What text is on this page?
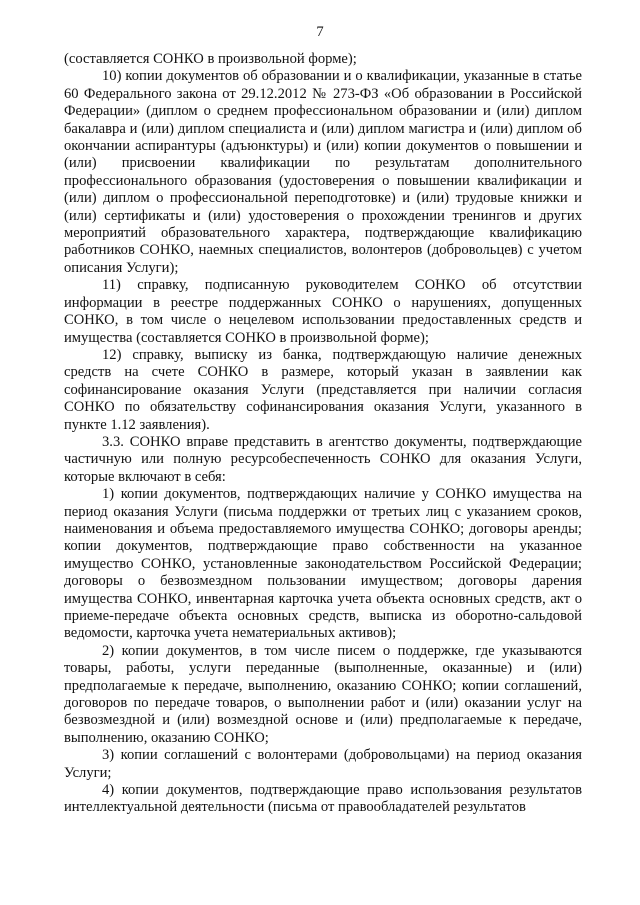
7

(составляется СОНКО в произвольной форме);

10) копии документов об образовании и о квалификации, указанные в статье 60 Федерального закона от 29.12.2012 № 273-ФЗ «Об образовании в Российской Федерации» (диплом о среднем профессиональном образовании и (или) диплом бакалавра и (или) диплом специалиста и (или) диплом магистра и (или) диплом об окончании аспирантуры (адъюнктуры) и (или) копии документов о повышении и (или) присвоении квалификации по результатам дополнительного профессионального образования (удостоверения о повышении квалификации и (или) диплом о профессиональной переподготовке) и (или) трудовые книжки и (или) сертификаты и (или) удостоверения о прохождении тренингов и других мероприятий образовательного характера, подтверждающие квалификацию работников СОНКО, наемных специалистов, волонтеров (добровольцев) с учетом описания Услуги);

11) справку, подписанную руководителем СОНКО об отсутствии информации в реестре поддержанных СОНКО о нарушениях, допущенных СОНКО, в том числе о нецелевом использовании предоставленных средств и имущества (составляется СОНКО в произвольной форме);

12) справку, выписку из банка, подтверждающую наличие денежных средств на счете СОНКО в размере, который указан в заявлении как софинансирование оказания Услуги (представляется при наличии согласия СОНКО по обязательству софинансирования оказания Услуги, указанного в пункте 1.12 заявления).

3.3. СОНКО вправе представить в агентство документы, подтверждающие частичную или полную ресурсобеспеченность СОНКО для оказания Услуги, которые включают в себя:

1) копии документов, подтверждающих наличие у СОНКО имущества на период оказания Услуги (письма поддержки от третьих лиц с указанием сроков, наименования и объема предоставляемого имущества СОНКО; договоры аренды; копии документов, подтверждающие право собственности на указанное имущество СОНКО, установленные законодательством Российской Федерации; договоры о безвозмездном пользовании имуществом; договоры дарения имущества СОНКО, инвентарная карточка учета объекта основных средств, акт о приеме-передаче объекта основных средств, выписка из оборотно-сальдовой ведомости, карточка учета нематериальных активов);

2) копии документов, в том числе писем о поддержке, где указываются товары, работы, услуги переданные (выполненные, оказанные) и (или) предполагаемые к передаче, выполнению, оказанию СОНКО; копии соглашений, договоров по передаче товаров, о выполнении работ и (или) оказании услуг на безвозмездной и (или) возмездной основе и (или) предполагаемые к передаче, выполнению, оказанию СОНКО;

3) копии соглашений с волонтерами (добровольцами) на период оказания Услуги;

4) копии документов, подтверждающие право использования результатов интеллектуальной деятельности (письма от правообладателей результатов
